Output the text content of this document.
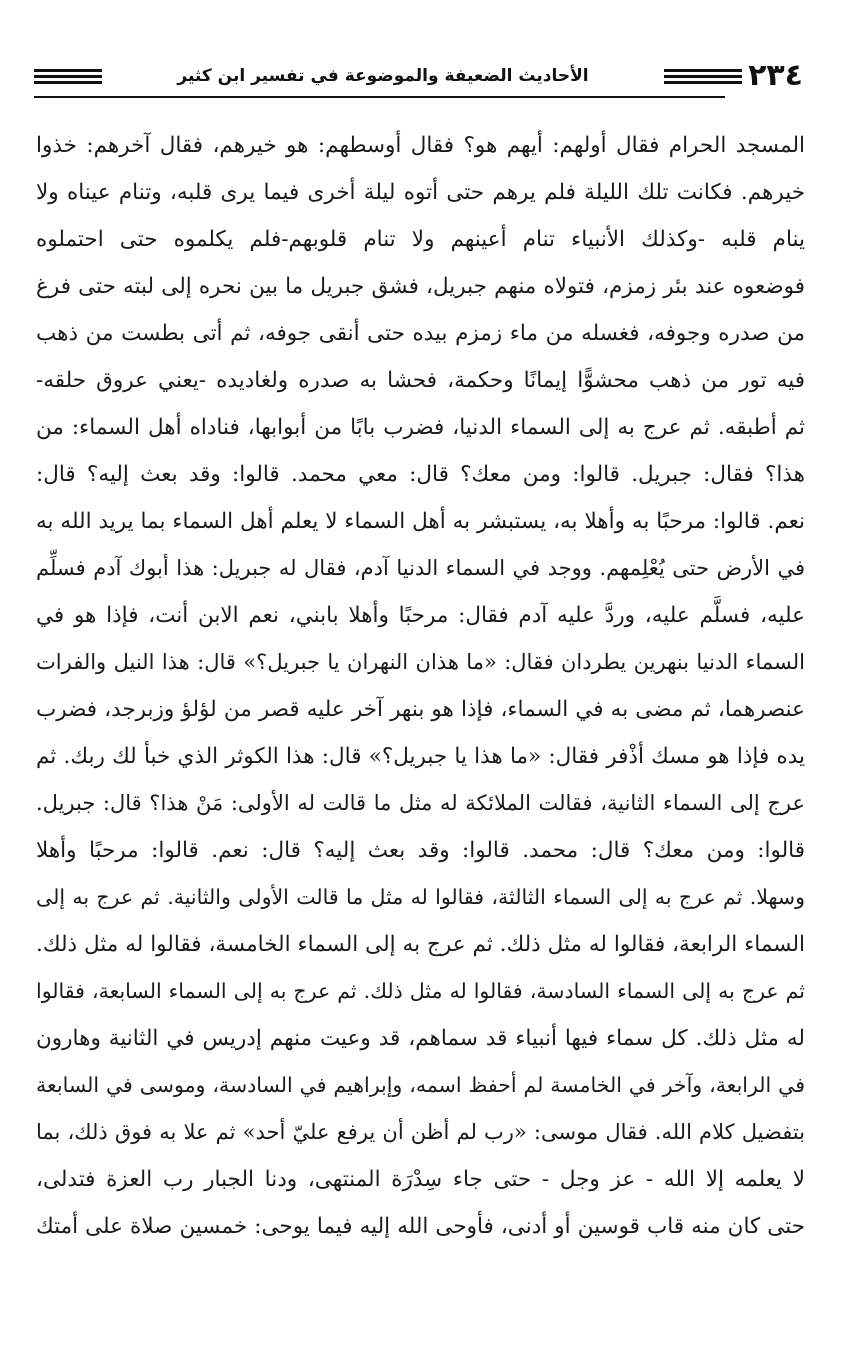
٢٣٤
الأحاديث الضعيفة والموضوعة في تفسير ابن كثير
المسجد الحرام فقال أولهم: أيهم هو؟ فقال أوسطهم: هو خيرهم، فقال آخرهم: خذوا
خيرهم. فكانت تلك الليلة فلم يرهم حتى أتوه ليلة أخرى فيما يرى قلبه، وتنام عيناه ولا
ينام قلبه -وكذلك الأنبياء تنام أعينهم ولا تنام قلوبهم-فلم يكلموه حتى احتملوه
فوضعوه عند بئر زمزم، فتولاه منهم جبريل، فشق جبريل ما بين نحره إلى لبته حتى فرغ
من صدره وجوفه، فغسله من ماء زمزم بيده حتى أنقى جوفه، ثم أتى بطست من ذهب
فيه تور من ذهب محشوًّا إيمانًا وحكمة، فحشا به صدره ولغاديده -يعني عروق حلقه-
ثم أطبقه. ثم عرج به إلى السماء الدنيا، فضرب بابًا من أبوابها، فناداه أهل السماء: من
هذا؟ فقال: جبريل. قالوا: ومن معك؟ قال: معي محمد. قالوا: وقد بعث إليه؟ قال:
نعم. قالوا: مرحبًا به وأهلا به، يستبشر به أهل السماء لا يعلم أهل السماء بما يريد الله به
في الأرض حتى يُعْلِمهم. ووجد في السماء الدنيا آدم، فقال له جبريل: هذا أبوك آدم فسلِّم
عليه، فسلَّم عليه، وردَّ عليه آدم فقال: مرحبًا وأهلا بابني، نعم الابن أنت، فإذا هو في
السماء الدنيا بنهرين يطردان فقال: «ما هذان النهران يا جبريل؟» قال: هذا النيل والفرات
عنصرهما، ثم مضى به في السماء، فإذا هو بنهر آخر عليه قصر من لؤلؤ وزبرجد، فضرب
يده فإذا هو مسك أذْفر فقال: «ما هذا يا جبريل؟» قال: هذا الكوثر الذي خبأ لك ربك. ثم
عرج إلى السماء الثانية، فقالت الملائكة له مثل ما قالت له الأولى: مَنْ هذا؟ قال: جبريل.
قالوا: ومن معك؟ قال: محمد. قالوا: وقد بعث إليه؟ قال: نعم. قالوا: مرحبًا وأهلا
وسهلا. ثم عرج به إلى السماء الثالثة، فقالوا له مثل ما قالت الأولى والثانية. ثم عرج به إلى
السماء الرابعة، فقالوا له مثل ذلك. ثم عرج به إلى السماء الخامسة، فقالوا له مثل ذلك.
ثم عرج به إلى السماء السادسة، فقالوا له مثل ذلك. ثم عرج به إلى السماء السابعة، فقالوا
له مثل ذلك. كل سماء فيها أنبياء قد سماهم، قد وعيت منهم إدريس في الثانية وهارون
في الرابعة، وآخر في الخامسة لم أحفظ اسمه، وإبراهيم في السادسة، وموسى في السابعة
بتفضيل كلام الله. فقال موسى: «رب لم أظن أن يرفع عليّ أحد» ثم علا به فوق ذلك، بما
لا يعلمه إلا الله - عز وجل - حتى جاء سِدْرَة المنتهى، ودنا الجبار رب العزة فتدلى،
حتى كان منه قاب قوسين أو أدنى، فأوحى الله إليه فيما يوحى: خمسين صلاة على أمتك
